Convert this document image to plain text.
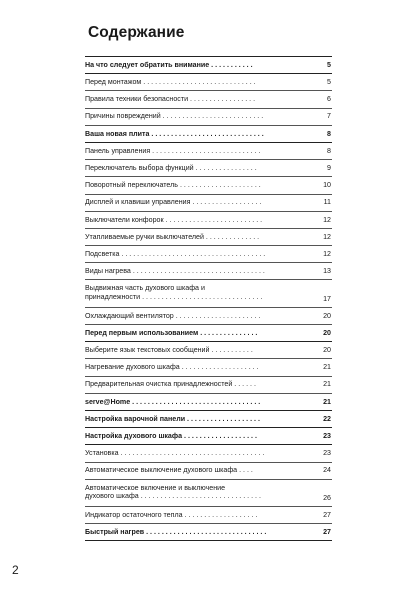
Содержание
На что следует обратить внимание . . . . . . . . . . .	5
Перед монтажом . . . . . . . . . . . . . . . . . . . . . . . . . . . . .	5
Правила техники безопасности . . . . . . . . . . . . . . . . .	6
Причины повреждений . . . . . . . . . . . . . . . . . . . . . . . . . .	7
Ваша новая плита . . . . . . . . . . . . . . . . . . . . . . . . . . . . .	8
Панель управления . . . . . . . . . . . . . . . . . . . . . . . . . . . .	8
Переключатель выбора функций . . . . . . . . . . . . . . . .	9
Поворотный переключатель . . . . . . . . . . . . . . . . . . . . .	10
Дисплей и клавиши управления . . . . . . . . . . . . . . . . . .	11
Выключатели конфорок . . . . . . . . . . . . . . . . . . . . . . . . .	12
Утапливаемые ручки выключателей . . . . . . . . . . . . . .	12
Подсветка . . . . . . . . . . . . . . . . . . . . . . . . . . . . . . . . . . . . .	12
Виды нагрева . . . . . . . . . . . . . . . . . . . . . . . . . . . . . . . . . .	13
Выдвижная часть духового шкафа и
принадлежности . . . . . . . . . . . . . . . . . . . . . . . . . . . . . . .	17
Охлаждающий вентилятор . . . . . . . . . . . . . . . . . . . . . .	20
Перед первым использованием . . . . . . . . . . . . . . .	20
Выберите язык текстовых сообщений . . . . . . . . . . .	20
Нагревание духового шкафа . . . . . . . . . . . . . . . . . . . .	21
Предварительная очистка принадлежностей . . . . . .	21
serve@Home . . . . . . . . . . . . . . . . . . . . . . . . . . . . . . . . .	21
Настройка варочной панели . . . . . . . . . . . . . . . . . . .	22
Настройка духового шкафа . . . . . . . . . . . . . . . . . . .	23
Установка . . . . . . . . . . . . . . . . . . . . . . . . . . . . . . . . . . . . .	23
Автоматическое выключение духового шкафа . . . .	24
Автоматическое включение и выключение
духового шкафа . . . . . . . . . . . . . . . . . . . . . . . . . . . . . . .	26
Индикатор остаточного тепла . . . . . . . . . . . . . . . . . . .	27
Быстрый нагрев . . . . . . . . . . . . . . . . . . . . . . . . . . . . . . .	27
2
